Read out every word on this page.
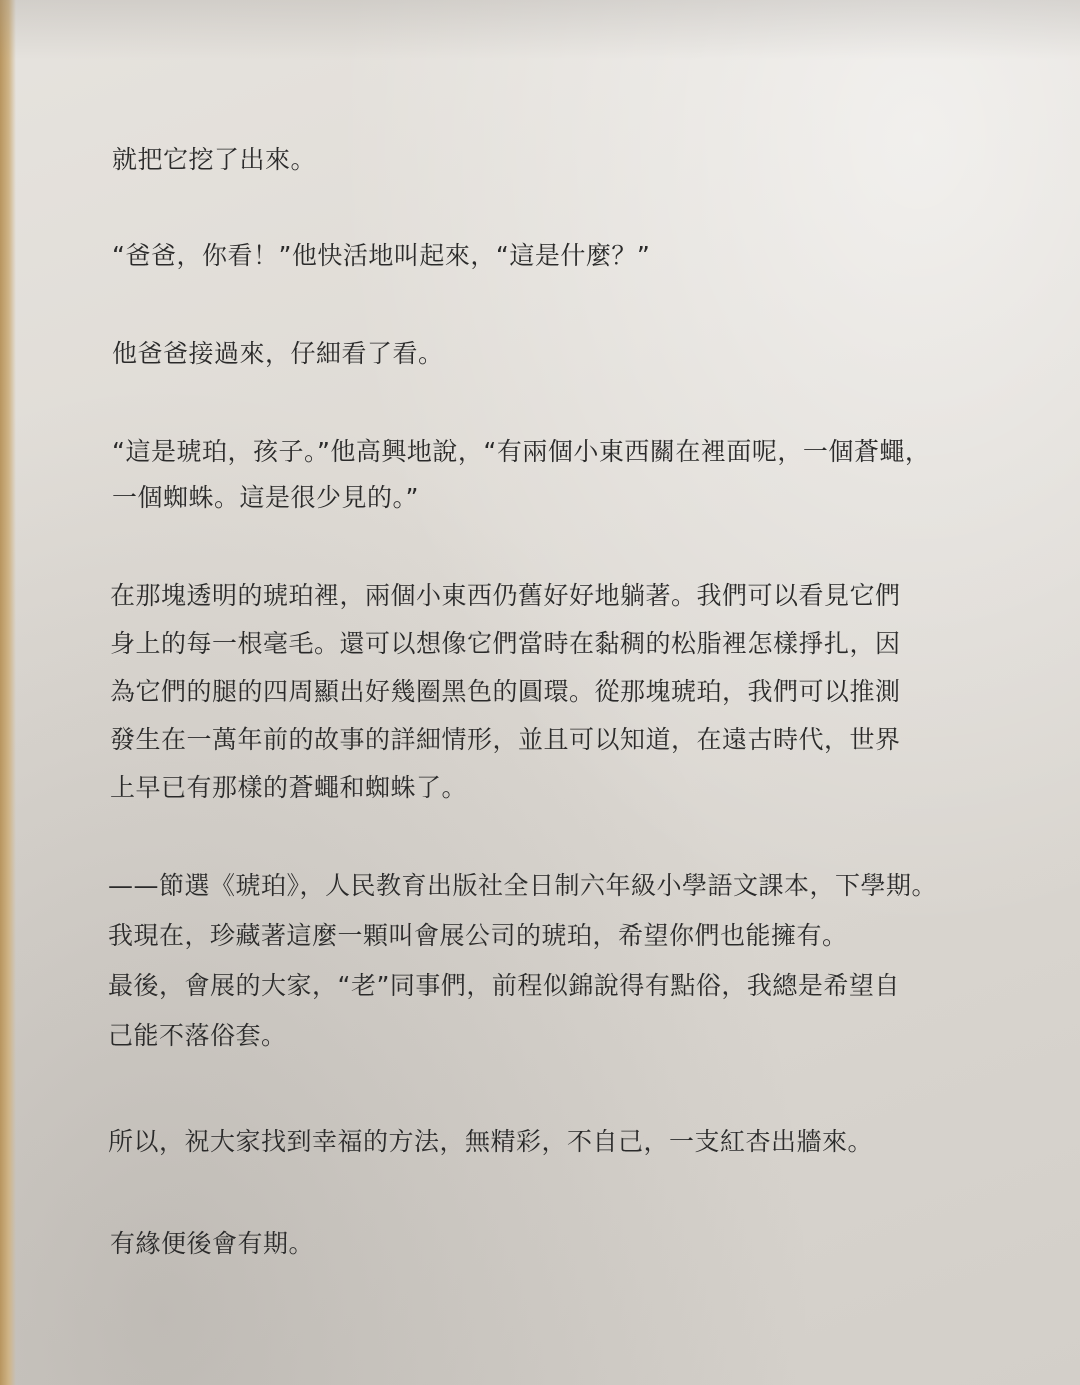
就把它挖了出來。
“爸爸，你看！”他快活地叫起來，“這是什麼？”
他爸爸接過來，仔細看了看。
“這是琥珀，孩子。”他高興地說，“有兩個小東西關在裡面呢，一個蒼蠅，
一個蜘蛛。這是很少見的。”
在那塊透明的琥珀裡，兩個小東西仍舊好好地躺著。我們可以看見它們
身上的每一根毫毛。還可以想像它們當時在黏稠的松脂裡怎樣掙扎，因
為它們的腿的四周顯出好幾圈黑色的圓環。從那塊琥珀，我們可以推測
發生在一萬年前的故事的詳細情形，並且可以知道，在遠古時代，世界
上早已有那樣的蒼蠅和蜘蛛了。
——節選《琥珀》，人民教育出版社全日制六年級小學語文課本，下學期。
我現在，珍藏著這麼一顆叫會展公司的琥珀，希望你們也能擁有。
最後，會展的大家，“老”同事們，前程似錦說得有點俗，我總是希望自
己能不落俗套。
所以，祝大家找到幸福的方法，無精彩，不自己，一支紅杏出牆來。
有緣便後會有期。
